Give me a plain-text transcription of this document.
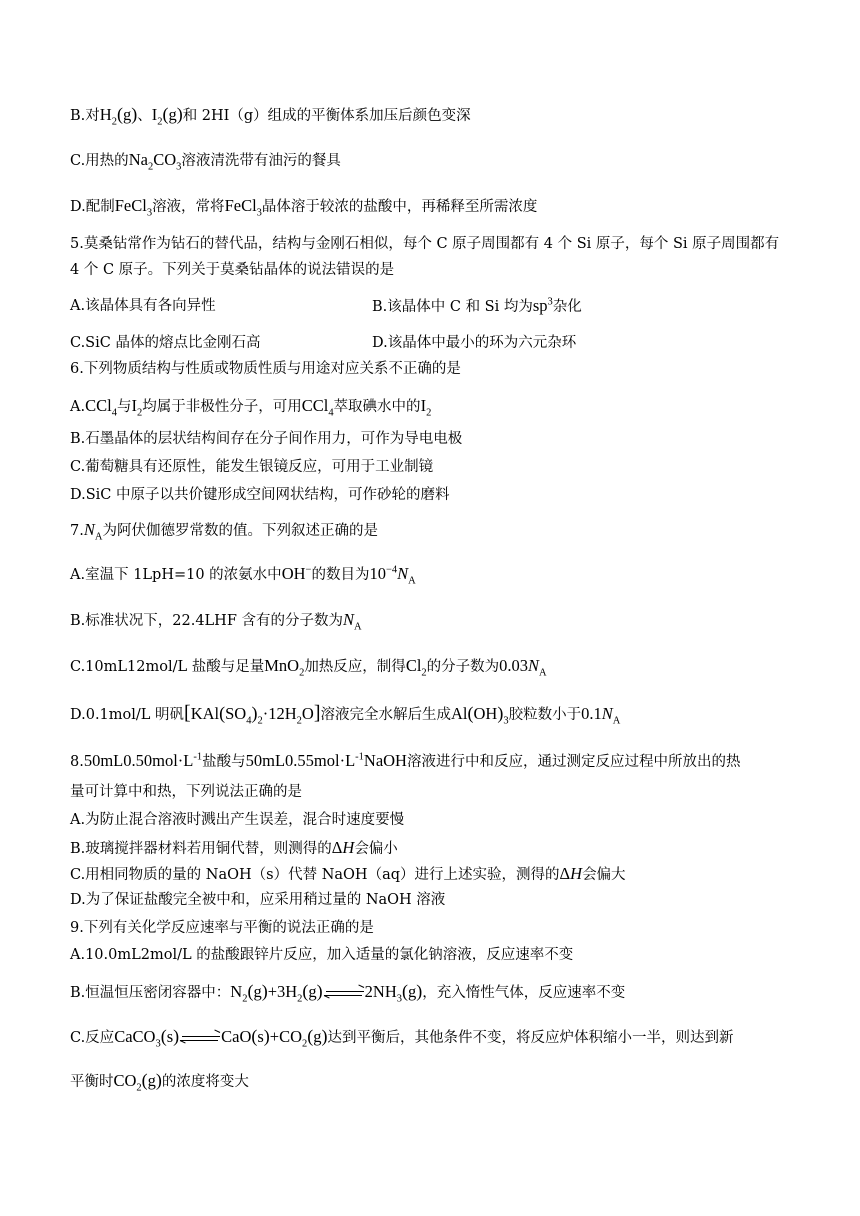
B.对$H_2(g)$、$I_2(g)$和 2HI（g）组成的平衡体系加压后颜色变深
C.用热的$Na_2CO_3$溶液清洗带有油污的餐具
D.配制FeCl$_3$溶液，常将FeCl$_3$晶体溶于较浓的盐酸中，再稀释至所需浓度
5.莫桑钻常作为钻石的替代品，结构与金刚石相似，每个 C 原子周围都有 4 个 Si 原子，每个 Si 原子周围都有
4 个 C 原子。下列关于莫桑钻晶体的说法错误的是
A.该晶体具有各向异性	B.该晶体中 C 和 Si 均为$sp^3$杂化
C.SiC 晶体的熔点比金刚石高	D.该晶体中最小的环为六元杂环
6.下列物质结构与性质或物质性质与用途对应关系不正确的是
A.CCl$_4$与$I_2$均属于非极性分子，可用CCl$_4$萃取碘水中的$I_2$
B.石墨晶体的层状结构间存在分子间作用力，可作为导电电极
C.葡萄糖具有还原性，能发生银镜反应，可用于工业制镜
D.SiC 中原子以共价键形成空间网状结构，可作砂轮的磨料
$7.N_A$为阿伏伽德罗常数的值。下列叙述正确的是
A.室温下 1LpH=10 的浓氨水中OH−的数目为$10^{-4}N_A$
B.标准状况下，22.4LHF 含有的分子数为$N_A$
C.10mL12mol/L 盐酸与足量MnO$_2$加热反应，制得$Cl_2$的分子数为$0.03N_A$
D.0.1mol/L 明矾$[KAl(SO_4)_2\cdot 12H_2O]$溶液完全水解后生成$Al(OH)_3$胶粒数小于$0.1N_A$
$8.50mL0.50mol\cdot L^{-1}$盐酸与$50mL0.55mol\cdot L^{-1}NaOH$溶液进行中和反应，通过测定反应过程中所放出的热
量可计算中和热，下列说法正确的是
A.为防止混合溶液时溅出产生误差，混合时速度要慢
B.玻璃搅拌器材料若用铜代替，则测得的ΔH会偏小
C.用相同物质的量的 NaOH（s）代替 NaOH（aq）进行上述实验，测得的ΔH会偏大
D.为了保证盐酸完全被中和，应采用稍过量的 NaOH 溶液
9.下列有关化学反应速率与平衡的说法正确的是
A.10.0mL2mol/L 的盐酸跟锌片反应，加入适量的氯化钠溶液，反应速率不变
B.恒温恒压密闭容器中：$N_2(g)+3H_2(g)$	$2NH_3(g)$，充入惰性气体，反应速率不变
C.反应CaCO$_3$(s)	$CaO(s)+CO_2(g)$达到平衡后，其他条件不变，将反应炉体积缩小一半，则达到新
平衡时$CO_2(g)$的浓度将变大
